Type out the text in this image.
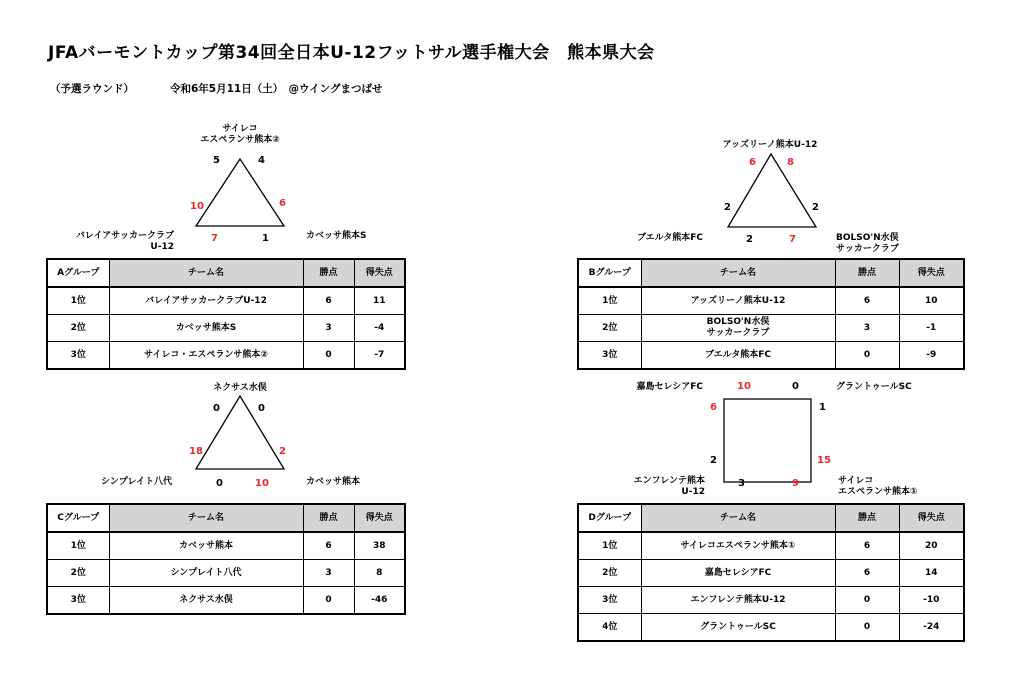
JFAバーモントカップ第34回全日本U-12フットサル選手権大会　熊本県大会
（予選ラウンド）	令和6年5月11日（土）　@ウイングまつばせ
サイレコ
エスペランサ熊本②
5	4
10	6
7	1
バレイアサッカークラブ
U-12
カベッサ熊本S
Aグループ	チーム名	勝点	得失点
1位	バレイアサッカークラブU-12	6	11
2位	カベッサ熊本S	3	-4
3位	サイレコ・エスペランサ熊本②	0	-7
アッズリーノ熊本U-12
6	8
2	2
2	7
ブエルタ熊本FC	BOLSO'N水俣
サッカークラブ
Bグループ	チーム名	勝点	得失点
1位	アッズリーノ熊本U-12	6	10
2位	BOLSO'N水俣
サッカークラブ	3	-1
3位	ブエルタ熊本FC	0	-9
ネクサス水俣
0	0
18	2
0	10
シンプレイト八代	カベッサ熊本
Cグループ	チーム名	勝点	得失点
1位	カベッサ熊本	6	38
2位	シンプレイト八代	3	8
3位	ネクサス水俣	0	-46
嘉島セレシアFC	グラントゥールSC
10	0
6
2
1
15
3	9
エンフレンテ熊本
U-12
サイレコ
エスペランサ熊本①
Dグループ	チーム名	勝点	得失点
1位	サイレコエスペランサ熊本①	6	20
2位	嘉島セレシアFC	6	14
3位	エンフレンテ熊本U-12	0	-10
4位	グラントゥールSC	0	-24
